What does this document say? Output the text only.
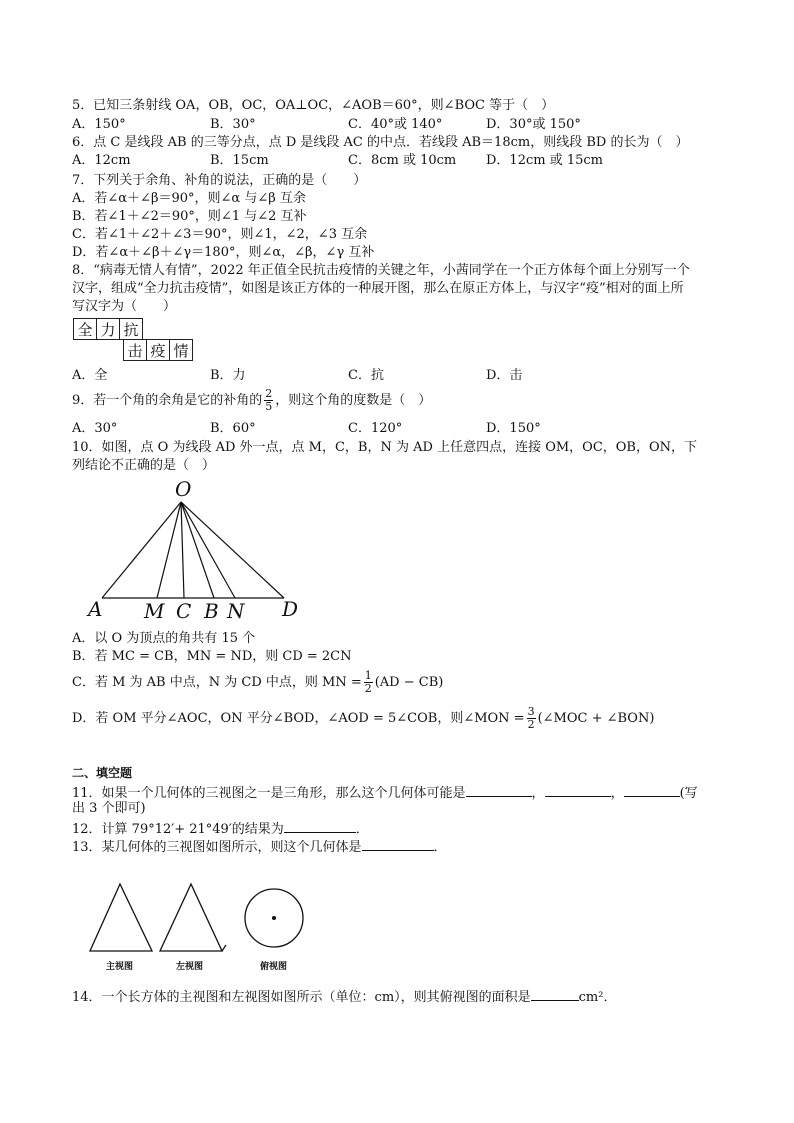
5．已知三条射线 OA，OB，OC，OA⊥OC，∠AOB＝60°，则∠BOC 等于（　）
A．150°	B．30°	C．40°或 140°	D．30°或 150°
6．点 C 是线段 AB 的三等分点，点 D 是线段 AC 的中点．若线段 AB＝18cm，则线段 BD 的长为（　）
A．12cm	B．15cm	C．8cm 或 10cm D．12cm 或 15cm
7．下列关于余角、补角的说法，正确的是（　　）
A．若∠α＋∠β＝90°，则∠α 与∠β 互余
B．若∠1＋∠2＝90°，则∠1 与∠2 互补
C．若∠1＋∠2＋∠3＝90°，则∠1，∠2，∠3 互余
D．若∠α＋∠β＋∠γ＝180°，则∠α，∠β，∠γ 互补
8．“病毒无情人有情”，2022 年正值全民抗击疫情的关键之年，小茜同学在一个正方体每个面上分别写一个
汉字，组成“全力抗击疫情”，如图是该正方体的一种展开图，那么在原正方体上，与汉字“疫”相对的面上所
写汉字为（　　）
全 力 抗
击 疫 情
A．全	B．力	C．抗	D．击
9．若一个角的余角是它的补角的 $\frac{2}{5}$ ，则这个角的度数是（　）
A．30°	B．60°	C．120°	D．150°
10．如图，点 O 为线段 AD 外一点，点 M，C，B，N 为 AD 上任意四点，连接 OM，OC，OB，ON，下
列结论不正确的是（　）
O
A M C B N D
A．以 O 为顶点的角共有 15 个
B．若 MC = CB，MN = ND，则 CD = 2CN
C．若 M 为 AB 中点，N 为 CD 中点，则 MN = $\frac{1}{2} (AD - CB)$
D．若 OM 平分∠AOC，ON 平分∠BOD，∠AOD = 5∠COB，则∠MON = $\frac{3}{2}$ (∠MOC + ∠BON)
二、填空题
11．如果一个几何体的三视图之一是三角形，那么这个几何体可能是	，	，	(写
出 3 个即可)
12．计算 79°12′+ 21°49′的结果为	．
13．某几何体的三视图如图所示，则这个几何体是	．
主视图	左视图	俯视图
14．一个长方体的主视图和左视图如图所示（单位：cm），则其俯视图的面积是	cm²．
